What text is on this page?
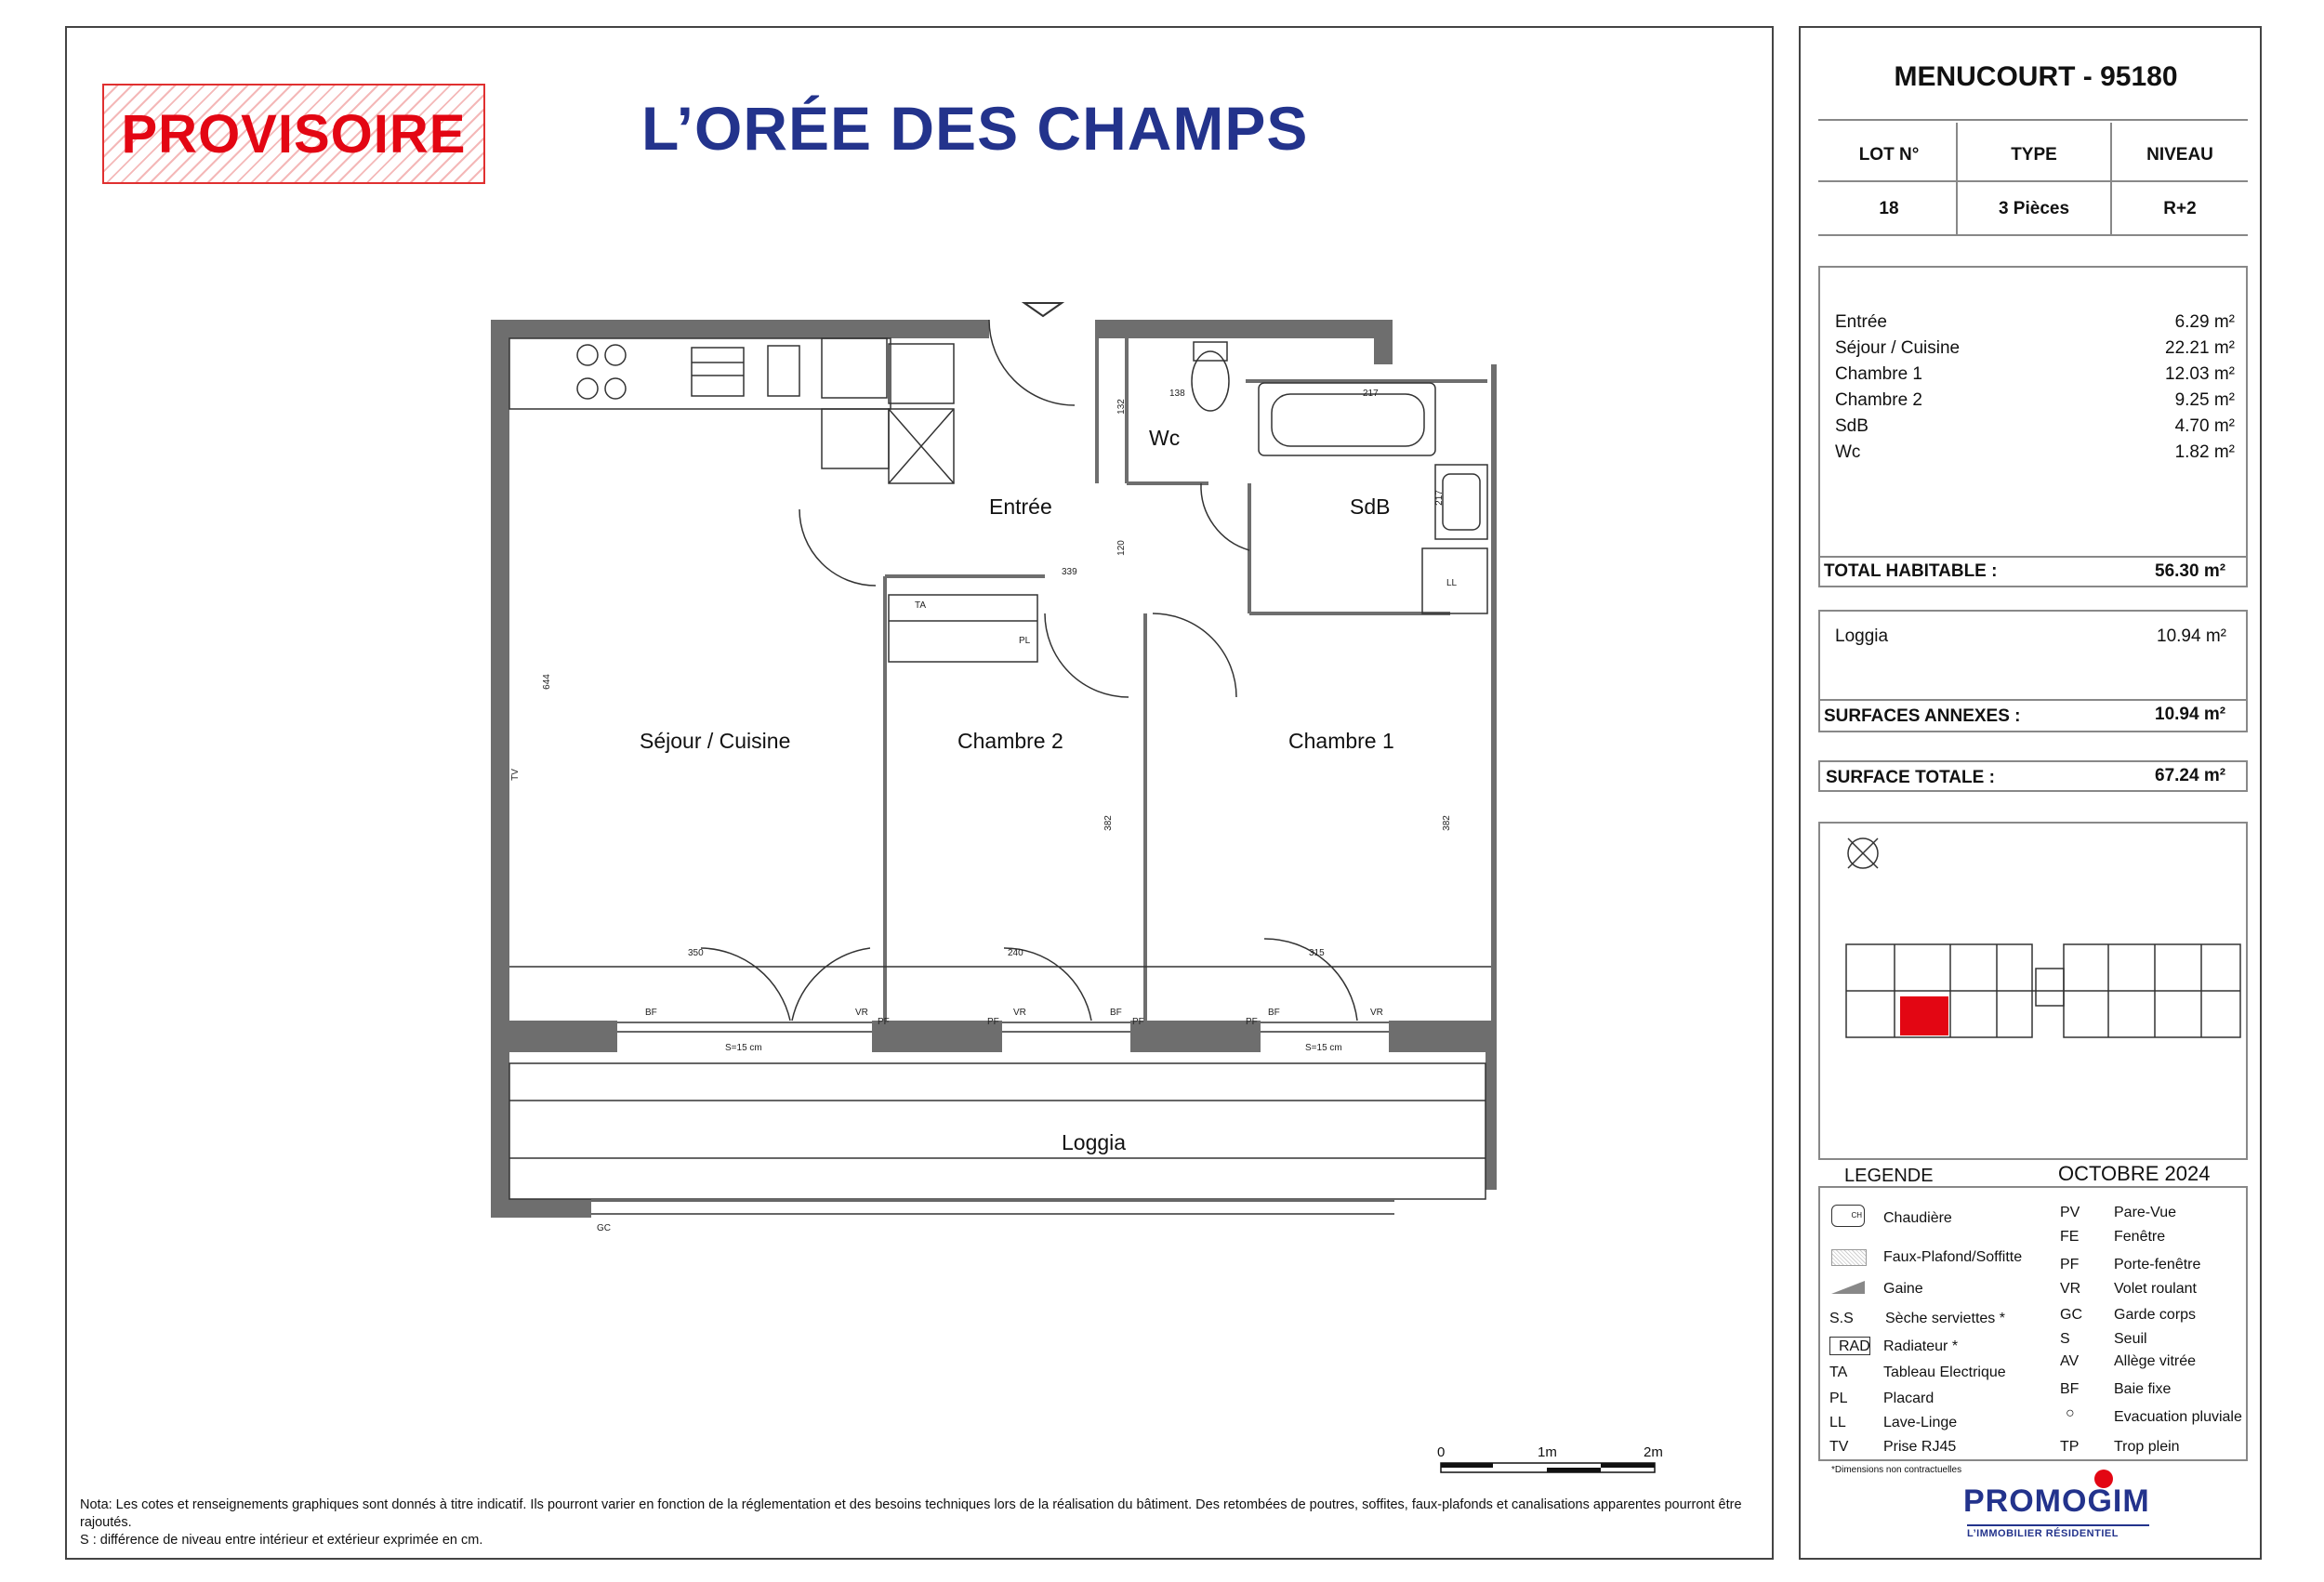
PROVISOIRE	L’ORÉE DES CHAMPS
Entrée
Wc
SdB
Séjour / Cuisine	Chambre 2	Chambre 1
Loggia
138	217
132
217
120
339
644
382	382
350	240	315
TV
TA
PL
LL
GC
BF	VR
PF	PF
VR	BF
PF	PF
BF	VR
S=15 cm	S=15 cm
0	1m	2m
Nota: Les cotes et renseignements graphiques sont donnés à titre indicatif. Ils pourront varier en fonction de la réglementation et des besoins techniques lors de la réalisation du bâtiment. Des retombées de poutres, soffites, faux-plafonds et canalisations apparentes pourront être rajoutés.
S : différence de niveau entre intérieur et extérieur exprimée en cm.
MENUCOURT - 95180
LOT N°	TYPE	NIVEAU
18	3 Pièces	R+2
Entrée	6.29 m²
Séjour / Cuisine	22.21 m²
Chambre 1	12.03 m²
Chambre 2	9.25 m²
SdB	4.70 m²
Wc	1.82 m²
TOTAL HABITABLE :	56.30 m²
Loggia	10.94 m²
SURFACES ANNEXES :	10.94 m²
SURFACE TOTALE :	67.24 m²
LEGENDE	OCTOBRE 2024
CH Chaudière
Faux-Plafond/Soffitte
Gaine
S.S Sèche serviettes *
RAD Radiateur *
TA Tableau Electrique
PL Placard
LL	Lave-Linge
TV Prise RJ45
PV Pare-Vue
FE Fenêtre
PF Porte-fenêtre
VR Volet roulant
GC Garde corps
S	Seuil
AV Allège vitrée
BF Baie fixe
○	Evacuation pluviale
TP Trop plein
*Dimensions non contractuelles
PROMOGIM
L’IMMOBILIER RÉSIDENTIEL
